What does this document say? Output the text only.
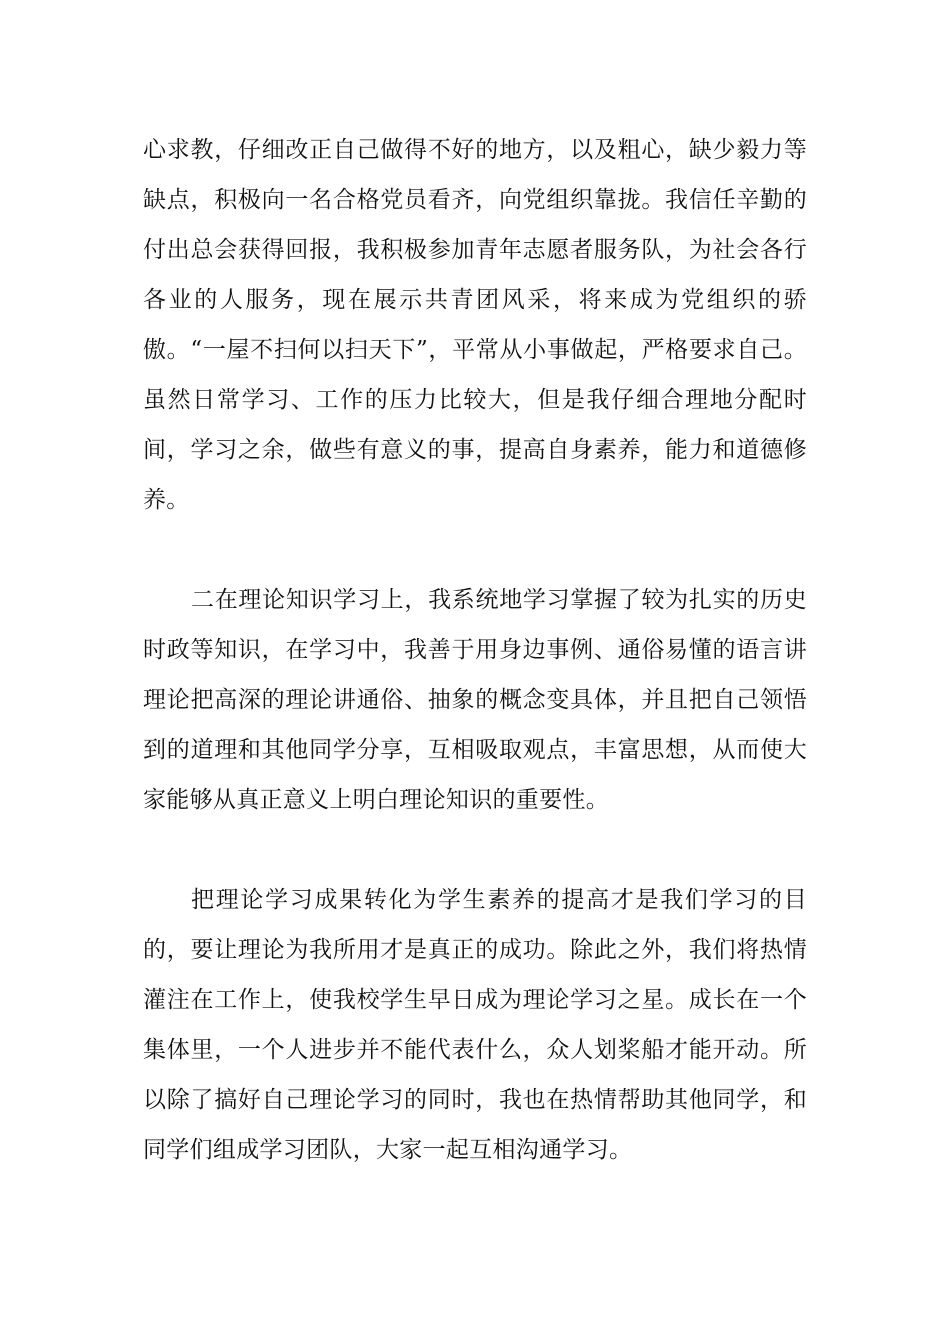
心求教，仔细改正自己做得不好的地方，以及粗心，缺少毅力等缺点，积极向一名合格党员看齐，向党组织靠拢。我信任辛勤的付出总会获得回报，我积极参加青年志愿者服务队，为社会各行各业的人服务，现在展示共青团风采，将来成为党组织的骄傲。“一屋不扫何以扫天下”，平常从小事做起，严格要求自己。虽然日常学习、工作的压力比较大，但是我仔细合理地分配时间，学习之余，做些有意义的事，提高自身素养，能力和道德修养。

二在理论知识学习上，我系统地学习掌握了较为扎实的历史时政等知识，在学习中，我善于用身边事例、通俗易懂的语言讲理论把高深的理论讲通俗、抽象的概念变具体，并且把自己领悟到的道理和其他同学分享，互相吸取观点，丰富思想，从而使大家能够从真正意义上明白理论知识的重要性。

把理论学习成果转化为学生素养的提高才是我们学习的目的，要让理论为我所用才是真正的成功。除此之外，我们将热情灌注在工作上，使我校学生早日成为理论学习之星。成长在一个集体里，一个人进步并不能代表什么，众人划桨船才能开动。所以除了搞好自己理论学习的同时，我也在热情帮助其他同学，和同学们组成学习团队，大家一起互相沟通学习。
